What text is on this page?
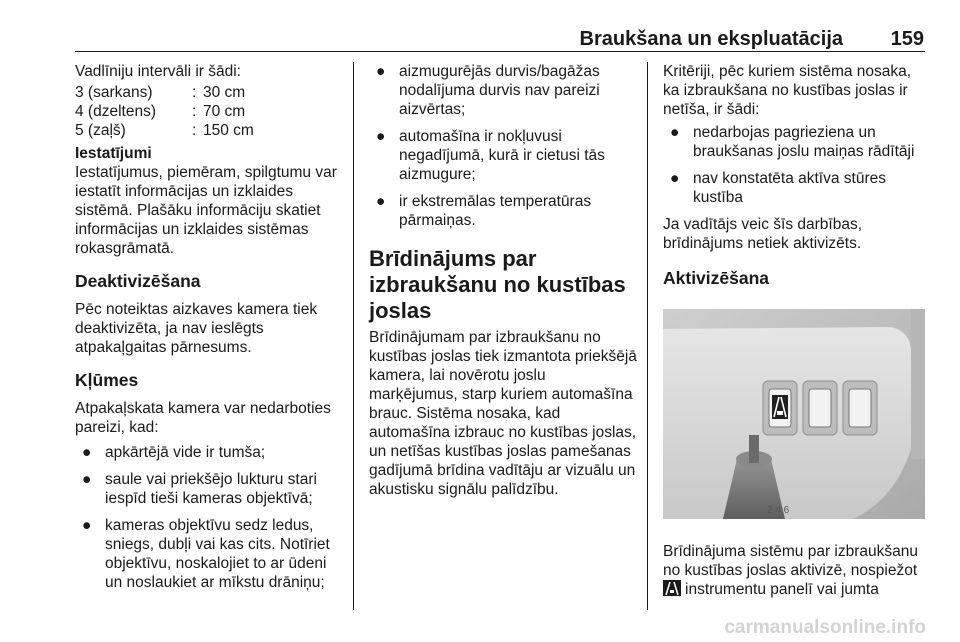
Braukšana un ekspluatācija 159

Vadlīniju intervāli ir šādi:

3 (sarkans)	:	30 cm
4 (dzeltens)	:	70 cm
5 (zaļš)	:	150 cm

Iestatījumi

Iestatījumus, piemēram, spilgtumu var iestatīt informācijas un izklaides sistēmā. Plašāku informāciju skatiet informācijas un izklaides sistēmas rokasgrāmatā.

Deaktivizēšana

Pēc noteiktas aizkaves kamera tiek deaktivizēta, ja nav ieslēgts atpakaļgaitas pārnesums.

Kļūmes

Atpakaļskata kamera var nedarboties pareizi, kad:

● apkārtējā vide ir tumša;
● saule vai priekšējo lukturu stari iespīd tieši kameras objektīvā;
● kameras objektīvu sedz ledus, sniegs, dubļi vai kas cits. Notīriet objektīvu, noskalojiet to ar ūdeni un noslaukiet ar mīkstu drāniņu;
● aizmugurējās durvis/bagāžas nodalījuma durvis nav pareizi aizvērtas;
● automašīna ir nokļuvusi negadījumā, kurā ir cietusi tās aizmugure;
● ir ekstremālas temperatūras pārmaiņas.
Brīdinājums par izbraukšanu no kustības joslas

Brīdinājumam par izbraukšanu no kustības joslas tiek izmantota priekšējā kamera, lai novērotu joslu marķējumus, starp kuriem automašīna brauc. Sistēma nosaka, kad automašīna izbrauc no kustības joslas, un netīšas kustības joslas pamešanas gadījumā brīdina vadītāju ar vizuālu un akustisku signālu palīdzību.

Kritēriji, pēc kuriem sistēma nosaka, ka izbraukšana no kustības joslas ir netīša, ir šādi:

● nedarbojas pagrieziena un braukšanas joslu maiņas rādītāji
● nav konstatēta aktīva stūres kustība

Ja vadītājs veic šīs darbības, brīdinājums netiek aktivizēts.

Aktivizēšana
2 4 6

Brīdinājuma sistēmu par izbraukšanu no kustības joslas aktivizē, nospiežot instrumentu panelī vai jumta

carmanualsonline.info
